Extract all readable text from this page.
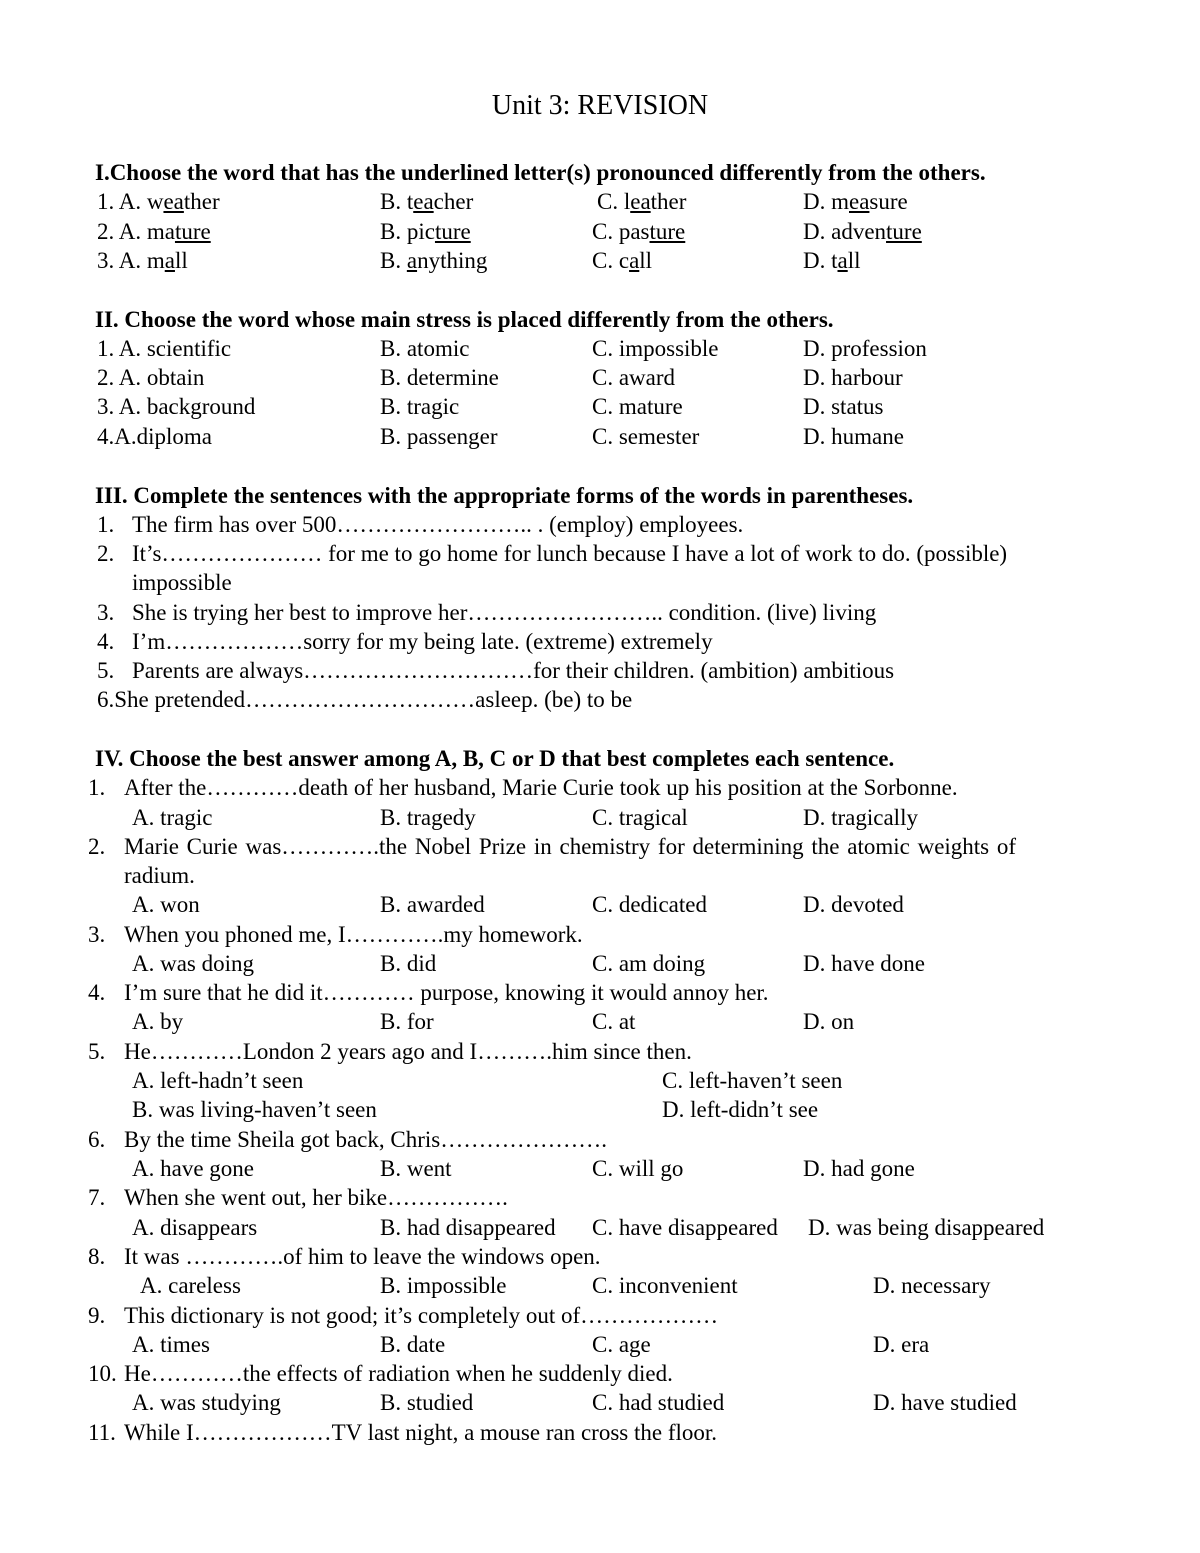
Unit 3: REVISION
I.Choose the word that has the underlined letter(s) pronounced differently from the others.
1. A. weather	B. teacher	C. leather	D. measure
2. A. mature	B. picture	C. pasture	D. adventure
3. A. mall	B. anything	C. call	D. tall
II. Choose the word whose main stress is placed differently from the others.
1. A. scientific	B. atomic	C. impossible	D. profession
2. A. obtain	B. determine	C. award	D. harbour
3. A. background	B. tragic	C. mature	D. status
4.A.diploma	B. passenger	C. semester	D. humane
III. Complete the sentences with the appropriate forms of the words in parentheses.
1. The firm has over 500…………………….. . (employ) employees.
2. It’s………………… for me to go home for lunch because I have a lot of work to do. (possible)
impossible
3. She is trying her best to improve her…………………….. condition. (live) living
4. I’m………………sorry for my being late. (extreme) extremely
5. Parents are always…………………………for their children. (ambition) ambitious
6.She pretended…………………………asleep. (be) to be
IV. Choose the best answer among A, B, C or D that best completes each sentence.
1. After the…………death of her husband, Marie Curie took up his position at the Sorbonne.
A. tragic	B. tragedy	C. tragical	D. tragically
2. Marie Curie was………….the Nobel Prize in chemistry for determining the atomic weights of
radium.
A. won	B. awarded	C. dedicated	D. devoted
3. When you phoned me, I………….my homework.
A. was doing	B. did	C. am doing	D. have done
4. I’m sure that he did it………… purpose, knowing it would annoy her.
A. by	B. for	C. at	D. on
5. He…………London 2 years ago and I……….him since then.
A. left-hadn’t seen	C. left-haven’t seen
B. was living-haven’t seen	D. left-didn’t see
6. By the time Sheila got back, Chris………………….
A. have gone	B. went	C. will go	D. had gone
7. When she went out, her bike…………….
A. disappears	B. had disappeared C. have disappeared D. was being disappeared
8. It was ………….of him to leave the windows open.
A. careless	B. impossible	C. inconvenient	D. necessary
9. This dictionary is not good; it’s completely out of………………
A. times	B. date	C. age	D. era
10. He…………the effects of radiation when he suddenly died.
A. was studying	B. studied	C. had studied	D. have studied
11. While I………………TV last night, a mouse ran cross the floor.
